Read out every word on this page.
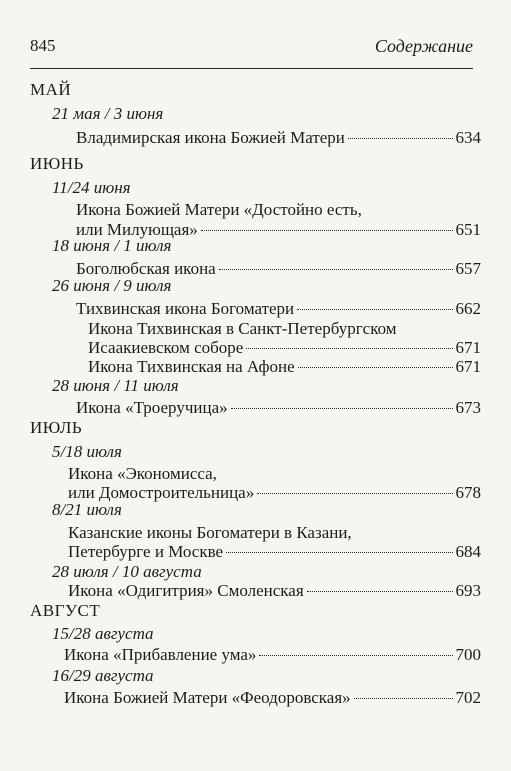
845	Содержание
МАЙ
21 мая / 3 июня
Владимирская икона Божией Матери	634
ИЮНЬ
11/24 июня
Икона Божией Матери «Достойно есть,
или Милующая»	651
18 июня / 1 июля
Боголюбская икона	657
26 июня / 9 июля
Тихвинская икона Богоматери	662
Икона Тихвинская в Санкт-Петербургском
Исаакиевском соборе	671
Икона Тихвинская на Афоне	671
28 июня / 11 июля
Икона «Троеручица»	673
ИЮЛЬ
5/18 июля
Икона «Экономисса,
или Домостроительница»	678
8/21 июля
Казанские иконы Богоматери в Казани,
Петербурге и Москве	684
28 июля / 10 августа
Икона «Одигитрия» Смоленская	693
АВГУСТ
15/28 августа
Икона «Прибавление ума»	700
16/29 августа
Икона Божией Матери «Феодоровская»	702
